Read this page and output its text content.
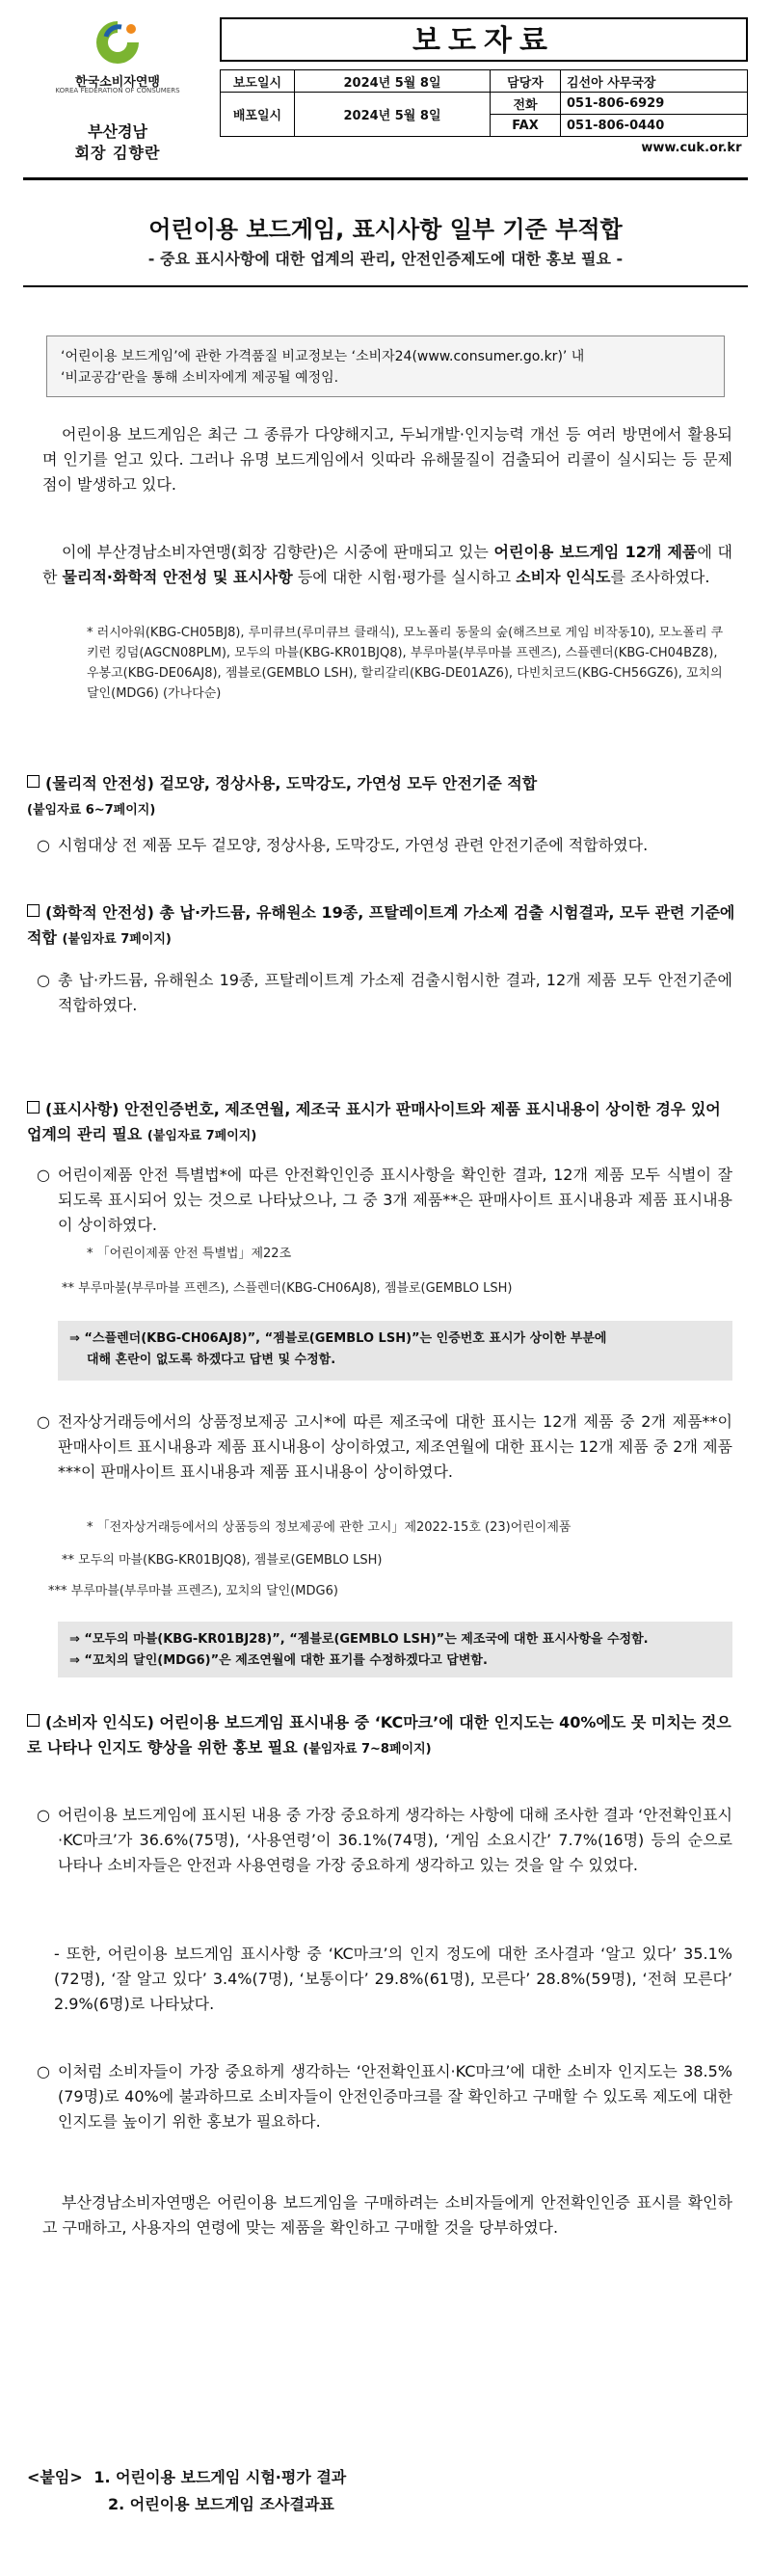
한국소비자연맹
KOREA FEDERATION OF CONSUMERS
부산경남
회장 김향란
보도자료
보도일시	2024년 5월 8일	담당자	김선아 사무국장
배포일시	2024년 5월 8일	전화	051-806-6929
		FAX	051-806-0440
www.cuk.or.kr			
어린이용 보드게임, 표시사항 일부 기준 부적합
- 중요 표시사항에 대한 업계의 관리, 안전인증제도에 대한 홍보 필요 -
‘어린이용 보드게임’에 관한 가격품질 비교정보는 ‘소비자24(www.consumer.go.kr)’ 내
‘비교공감’란을 통해 소비자에게 제공될 예정임.
어린이용 보드게임은 최근 그 종류가 다양해지고, 두뇌개발·인지능력 개선 등 여러 방면에서 활용되며 인기를 얻고 있다. 그러나 유명 보드게임에서 잇따라 유해물질이 검출되어 리콜이 실시되는 등 문제점이 발생하고 있다.
이에 부산경남소비자연맹(회장 김향란)은 시중에 판매되고 있는 어린이용 보드게임 12개 제품에 대한 물리적·화학적 안전성 및 표시사항 등에 대한 시험·평가를 실시하고 소비자 인식도를 조사하였다.
* 러시아워(KBG-CH05BJ8), 루미큐브(루미큐브 클래식), 모노폴리 동물의 숲(해즈브로 게임 비작동10), 모노폴리 쿠키런 킹덤(AGCN08PLM), 모두의 마블(KBG-KR01BJQ8), 부루마불(부루마블 프렌즈), 스플렌더(KBG-CH04BZ8), 우봉고(KBG-DE06AJ8), 젬블로(GEMBLO LSH), 할리갈리(KBG-DE01AZ6), 다빈치코드(KBG-CH56GZ6), 꼬치의 달인(MDG6) (가나다순)
(물리적 안전성) 겉모양, 정상사용, 도막강도, 가연성 모두 안전기준 적합
(붙임자료 6~7페이지)
○ 시험대상 전 제품 모두 겉모양, 정상사용, 도막강도, 가연성 관련 안전기준에 적합하였다.
(화학적 안전성) 총 납·카드뮴, 유해원소 19종, 프탈레이트계 가소제 검출 시험결과, 모두 관련 기준에 적합 (붙임자료 7페이지)
○ 총 납·카드뮴, 유해원소 19종, 프탈레이트계 가소제 검출시험시한 결과, 12개 제품 모두 안전기준에 적합하였다.
(표시사항) 안전인증번호, 제조연월, 제조국 표시가 판매사이트와 제품 표시내용이 상이한 경우 있어 업계의 관리 필요 (붙임자료 7페이지)
○ 어린이제품 안전 특별법*에 따른 안전확인인증 표시사항을 확인한 결과, 12개 제품 모두 식별이 잘 되도록 표시되어 있는 것으로 나타났으나, 그 중 3개 제품**은 판매사이트 표시내용과 제품 표시내용이 상이하였다.
* 「어린이제품 안전 특별법」제22조
** 부루마불(부루마블 프렌즈), 스플렌더(KBG-CH06AJ8), 젬블로(GEMBLO LSH)
⇒ “스플렌더(KBG-CH06AJ8)”, “젬블로(GEMBLO LSH)”는 인증번호 표시가 상이한 부분에
대해 혼란이 없도록 하겠다고 답변 및 수정함.
○ 전자상거래등에서의 상품정보제공 고시*에 따른 제조국에 대한 표시는 12개 제품 중 2개 제품**이 판매사이트 표시내용과 제품 표시내용이 상이하였고, 제조연월에 대한 표시는 12개 제품 중 2개 제품***이 판매사이트 표시내용과 제품 표시내용이 상이하였다.
* 「전자상거래등에서의 상품등의 정보제공에 관한 고시」제2022-15호 (23)어린이제품
** 모두의 마블(KBG-KR01BJQ8), 젬블로(GEMBLO LSH)
*** 부루마블(부루마블 프렌즈), 꼬치의 달인(MDG6)
⇒ “모두의 마블(KBG-KR01BJ28)”, “젬블로(GEMBLO LSH)”는 제조국에 대한 표시사항을 수정함.
⇒ “꼬치의 달인(MDG6)”은 제조연월에 대한 표기를 수정하겠다고 답변함.
(소비자 인식도) 어린이용 보드게임 표시내용 중 ‘KC마크’에 대한 인지도는 40%에도 못 미치는 것으로 나타나 인지도 향상을 위한 홍보 필요 (붙임자료 7~8페이지)
○ 어린이용 보드게임에 표시된 내용 중 가장 중요하게 생각하는 사항에 대해 조사한 결과 ‘안전확인표시·KC마크’가 36.6%(75명), ‘사용연령’이 36.1%(74명), ‘게임 소요시간’ 7.7%(16명) 등의 순으로 나타나 소비자들은 안전과 사용연령을 가장 중요하게 생각하고 있는 것을 알 수 있었다.
- 또한, 어린이용 보드게임 표시사항 중 ‘KC마크’의 인지 정도에 대한 조사결과 ‘알고 있다’ 35.1%(72명), ‘잘 알고 있다’ 3.4%(7명), ‘보통이다’ 29.8%(61명), 모른다’ 28.8%(59명), ‘전혀 모른다’ 2.9%(6명)로 나타났다.
○ 이처럼 소비자들이 가장 중요하게 생각하는 ‘안전확인표시·KC마크’에 대한 소비자 인지도는 38.5%(79명)로 40%에 불과하므로 소비자들이 안전인증마크를 잘 확인하고 구매할 수 있도록 제도에 대한 인지도를 높이기 위한 홍보가 필요하다.
부산경남소비자연맹은 어린이용 보드게임을 구매하려는 소비자들에게 안전확인인증 표시를 확인하고 구매하고, 사용자의 연령에 맞는 제품을 확인하고 구매할 것을 당부하였다.
<붙임> 1. 어린이용 보드게임 시험·평가 결과
2. 어린이용 보드게임 조사결과표
